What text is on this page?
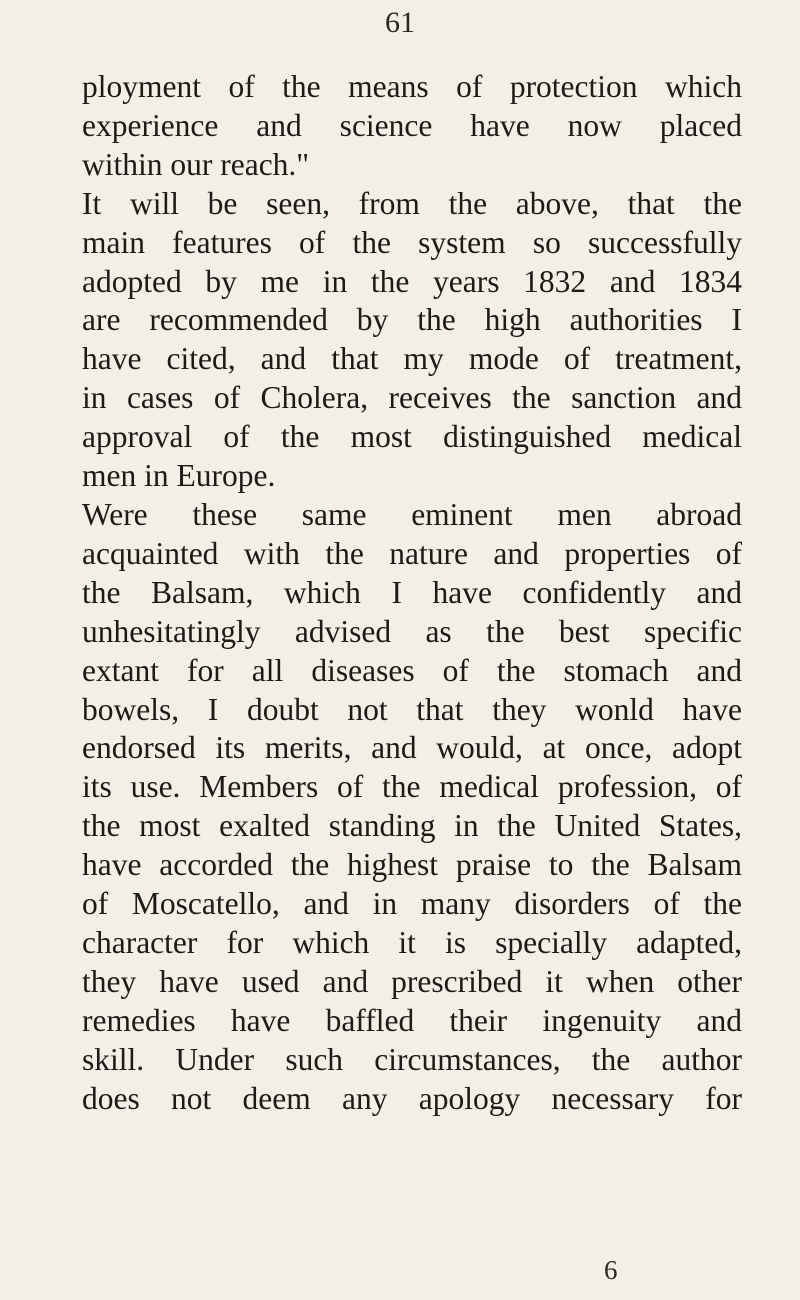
61
ployment of the means of protection which
experience and science have now placed
within our reach."
It will be seen, from the above, that the
main features of the system so successfully
adopted by me in the years 1832 and 1834
are recommended by the high authorities I
have cited, and that my mode of treatment,
in cases of Cholera, receives the sanction and
approval of the most distinguished medical
men in Europe.
Were these same eminent men abroad
acquainted with the nature and properties of
the Balsam, which I have confidently and
unhesitatingly advised as the best specific
extant for all diseases of the stomach and
bowels, I doubt not that they wonld have
endorsed its merits, and would, at once, adopt
its use. Members of the medical profession, of
the most exalted standing in the United States,
have accorded the highest praise to the Balsam
of Moscatello, and in many disorders of the
character for which it is specially adapted,
they have used and prescribed it when other
remedies have baffled their ingenuity and
skill. Under such circumstances, the author
does not deem any apology necessary for
6
